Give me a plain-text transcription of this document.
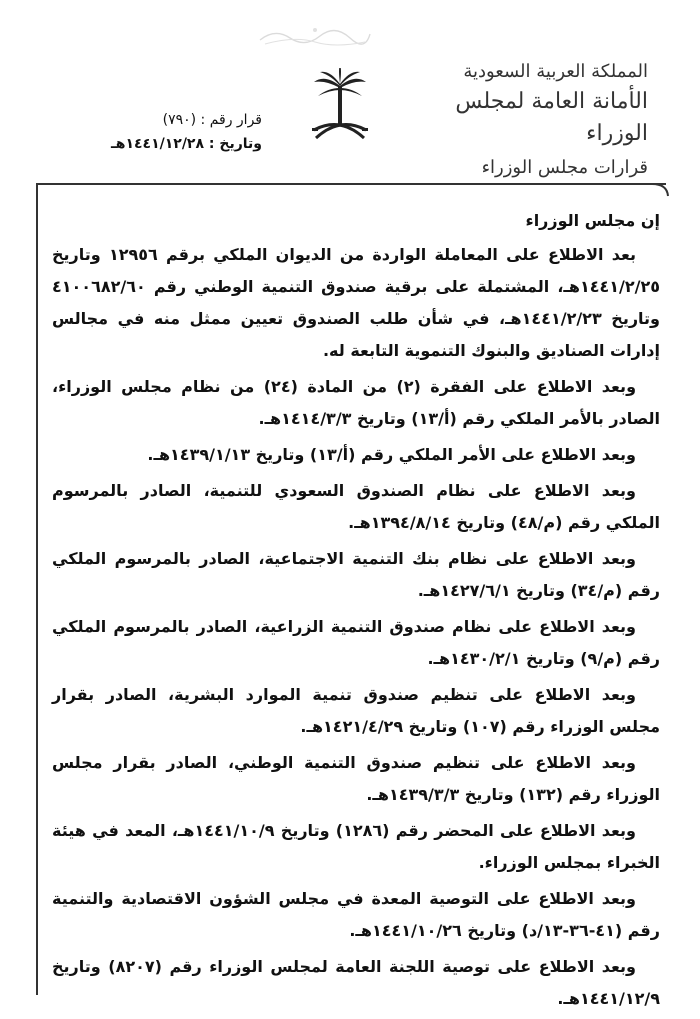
المملكة العربية السعودية
الأمانة العامة لمجلس الوزراء
قرارات مجلس الوزراء
قرار رقم : (٧٩٠)
وتاريخ : ١٤٤١/١٢/٢٨هـ

إن مجلس الوزراء

بعد الاطلاع على المعاملة الواردة من الديوان الملكي برقم ١٢٩٥٦ وتاريخ ١٤٤١/٢/٢٥هـ، المشتملة على برقية صندوق التنمية الوطني رقم ٤١٠٠٦٨٢/٦٠ وتاريخ ١٤٤١/٢/٢٣هـ، في شأن طلب الصندوق تعيين ممثل منه في مجالس إدارات الصناديق والبنوك التنموية التابعة له.

وبعد الاطلاع على الفقرة (٢) من المادة (٢٤) من نظام مجلس الوزراء، الصادر بالأمر الملكي رقم (أ/١٣) وتاريخ ١٤١٤/٣/٣هـ.

وبعد الاطلاع على الأمر الملكي رقم (أ/١٣) وتاريخ ١٤٣٩/١/١٣هـ.

وبعد الاطلاع على نظام الصندوق السعودي للتنمية، الصادر بالمرسوم الملكي رقم (م/٤٨) وتاريخ ١٣٩٤/٨/١٤هـ.

وبعد الاطلاع على نظام بنك التنمية الاجتماعية، الصادر بالمرسوم الملكي رقم (م/٣٤) وتاريخ ١٤٢٧/٦/١هـ.

وبعد الاطلاع على نظام صندوق التنمية الزراعية، الصادر بالمرسوم الملكي رقم (م/٩) وتاريخ ١٤٣٠/٢/١هـ.

وبعد الاطلاع على تنظيم صندوق تنمية الموارد البشرية، الصادر بقرار مجلس الوزراء رقم (١٠٧) وتاريخ ١٤٢١/٤/٢٩هـ.

وبعد الاطلاع على تنظيم صندوق التنمية الوطني، الصادر بقرار مجلس الوزراء رقم (١٣٢) وتاريخ ١٤٣٩/٣/٣هـ.

وبعد الاطلاع على المحضر رقم (١٢٨٦) وتاريخ ١٤٤١/١٠/٩هـ، المعد في هيئة الخبراء بمجلس الوزراء.

وبعد الاطلاع على التوصية المعدة في مجلس الشؤون الاقتصادية والتنمية رقم (٤١-٣٦-١٣/د) وتاريخ ١٤٤١/١٠/٢٦هـ.

وبعد الاطلاع على توصية اللجنة العامة لمجلس الوزراء رقم (٨٢٠٧) وتاريخ ١٤٤١/١٢/٩هـ.
